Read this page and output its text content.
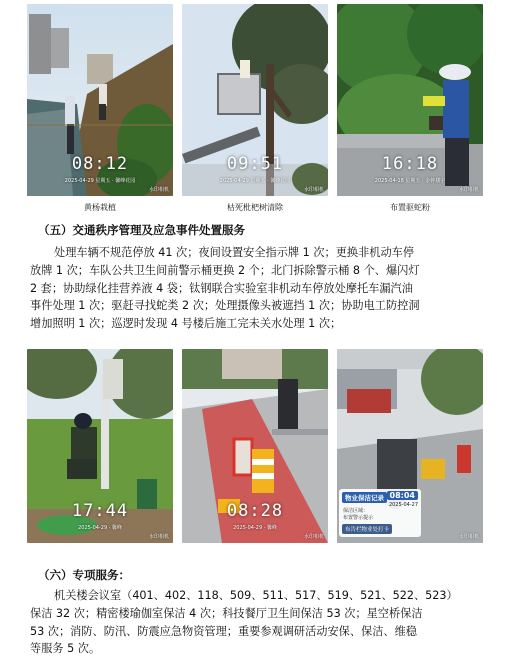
08:12
2025-04-29 星期五 · 馨峰花园
水印相机
黄杨栽植
09:51
2025-04-29 星期五 · 馨峰花园
水印相机
枯死枇杷树清除
16:18
2025-04-18 星期五 · 金钟楼宇
水印相机
布置驱蛇粉
（五）交通秩序管理及应急事件处置服务
处理车辆不规范停放 41 次；夜间设置安全指示牌 1 次；更换非机动车停
放牌 1 次；车队公共卫生间前警示桶更换 2 个；北门拆除警示桶 8 个、爆闪灯
2 套；协助绿化挂营养液 4 袋；钛钢联合实验室非机动车停放处摩托车漏汽油
事件处理 1 次；驱赶寻找蛇类 2 次；处理摄像头被遮挡 1 次；协助电工防控洞
增加照明 1 次；巡逻时发现 4 号楼后施工完未关水处理 1 次；
17:44
2025-04-29 · 馨峰
水印相机
08:28
2025-04-29 · 馨峰
水印相机
物业保洁记录 08:04
2025-04-27
保洁区域：
布置警示提示
布告栏物业处打卡
水印相机
（六）专项服务：
机关楼会议室（401、402、118、509、511、517、519、521、522、523）
保洁 32 次；精密楼瑜伽室保洁 4 次；科技餐厅卫生间保洁 53 次；星空桥保洁
53 次；消防、防汛、防震应急物资管理；重要参观调研活动安保、保洁、维稳
等服务 5 次。
